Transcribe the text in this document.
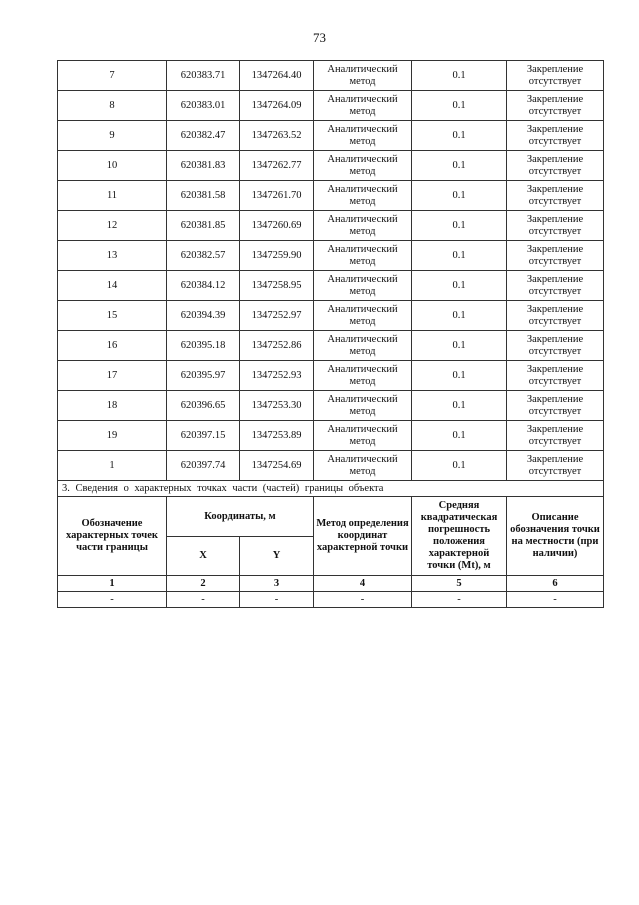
73
7	620383.71	1347264.40	Аналитический метод	0.1	Закрепление отсутствует
8	620383.01	1347264.09	Аналитический метод	0.1	Закрепление отсутствует
9	620382.47	1347263.52	Аналитический метод	0.1	Закрепление отсутствует
10	620381.83	1347262.77	Аналитический метод	0.1	Закрепление отсутствует
11	620381.58	1347261.70	Аналитический метод	0.1	Закрепление отсутствует
12	620381.85	1347260.69	Аналитический метод	0.1	Закрепление отсутствует
13	620382.57	1347259.90	Аналитический метод	0.1	Закрепление отсутствует
14	620384.12	1347258.95	Аналитический метод	0.1	Закрепление отсутствует
15	620394.39	1347252.97	Аналитический метод	0.1	Закрепление отсутствует
16	620395.18	1347252.86	Аналитический метод	0.1	Закрепление отсутствует
17	620395.97	1347252.93	Аналитический метод	0.1	Закрепление отсутствует
18	620396.65	1347253.30	Аналитический метод	0.1	Закрепление отсутствует
19	620397.15	1347253.89	Аналитический метод	0.1	Закрепление отсутствует
1	620397.74	1347254.69	Аналитический метод	0.1	Закрепление отсутствует
3. Сведения о характерных точках части (частей) границы объекта					
Обозначение характерных точек части границы	Координаты, м		Метод определения координат характерной точки	Средняя квадратическая погрешность положения характерной точки (Mt), м	Описание обозначения точки на местности (при наличии)
	X	Y			
1	2	3	4	5	6
-	-	-	-	-	-
